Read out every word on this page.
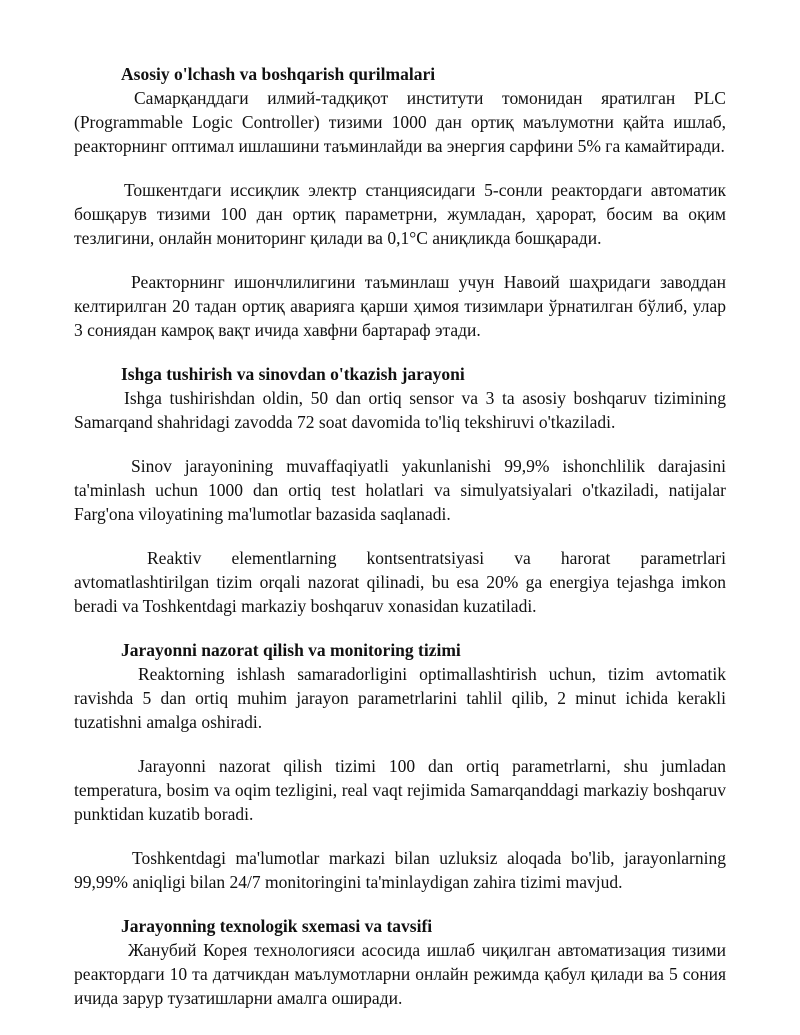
Asosiy o'lchash va boshqarish qurilmalari

Самарқанддаги илмий-тадқиқот институти томонидан яратилган PLC (Programmable Logic Controller) тизими 1000 дан ортиқ маълумотни қайта ишлаб, реакторнинг оптимал ишлашини таъминлайди ва энергия сарфини 5% га камайтиради.

Тошкентдаги иссиқлик электр станциясидаги 5-сонли реактордаги автоматик бошқарув тизими 100 дан ортиқ параметрни, жумладан, ҳарорат, босим ва оқим тезлигини, онлайн мониторинг қилади ва 0,1°C аниқликда бошқаради.

Реакторнинг ишончлилигини таъминлаш учун Навоий шаҳридаги заводдан келтирилган 20 тадан ортиқ аварияга қарши ҳимоя тизимлари ўрнатилган бўлиб, улар 3 сониядан камроқ вақт ичида хавфни бартараф этади.

Ishga tushirish va sinovdan o'tkazish jarayoni

Ishga tushirishdan oldin, 50 dan ortiq sensor va 3 ta asosiy boshqaruv tizimining Samarqand shahridagi zavodda 72 soat davomida to'liq tekshiruvi o'tkaziladi.

Sinov jarayonining muvaffaqiyatli yakunlanishi 99,9% ishonchlilik darajasini ta'minlash uchun 1000 dan ortiq test holatlari va simulyatsiyalari o'tkaziladi, natijalar Farg'ona viloyatining ma'lumotlar bazasida saqlanadi.

Reaktiv elementlarning kontsentratsiyasi va harorat parametrlari avtomatlashtirilgan tizim orqali nazorat qilinadi, bu esa 20% ga energiya tejashga imkon beradi va Toshkentdagi markaziy boshqaruv xonasidan kuzatiladi.

Jarayonni nazorat qilish va monitoring tizimi

Reaktorning ishlash samaradorligini optimallashtirish uchun, tizim avtomatik ravishda 5 dan ortiq muhim jarayon parametrlarini tahlil qilib, 2 minut ichida kerakli tuzatishni amalga oshiradi.

Jarayonni nazorat qilish tizimi 100 dan ortiq parametrlarni, shu jumladan temperatura, bosim va oqim tezligini, real vaqt rejimida Samarqanddagi markaziy boshqaruv punktidan kuzatib boradi.

Toshkentdagi ma'lumotlar markazi bilan uzluksiz aloqada bo'lib, jarayonlarning 99,99% aniqligi bilan 24/7 monitoringini ta'minlaydigan zahira tizimi mavjud.

Jarayonning texnologik sxemasi va tavsifi

Жанубий Корея технологияси асосида ишлаб чиқилган автоматизация тизими реактордаги 10 та датчикдан маълумотларни онлайн режимда қабул қилади ва 5 сония ичида зарур тузатишларни амалга оширади.
